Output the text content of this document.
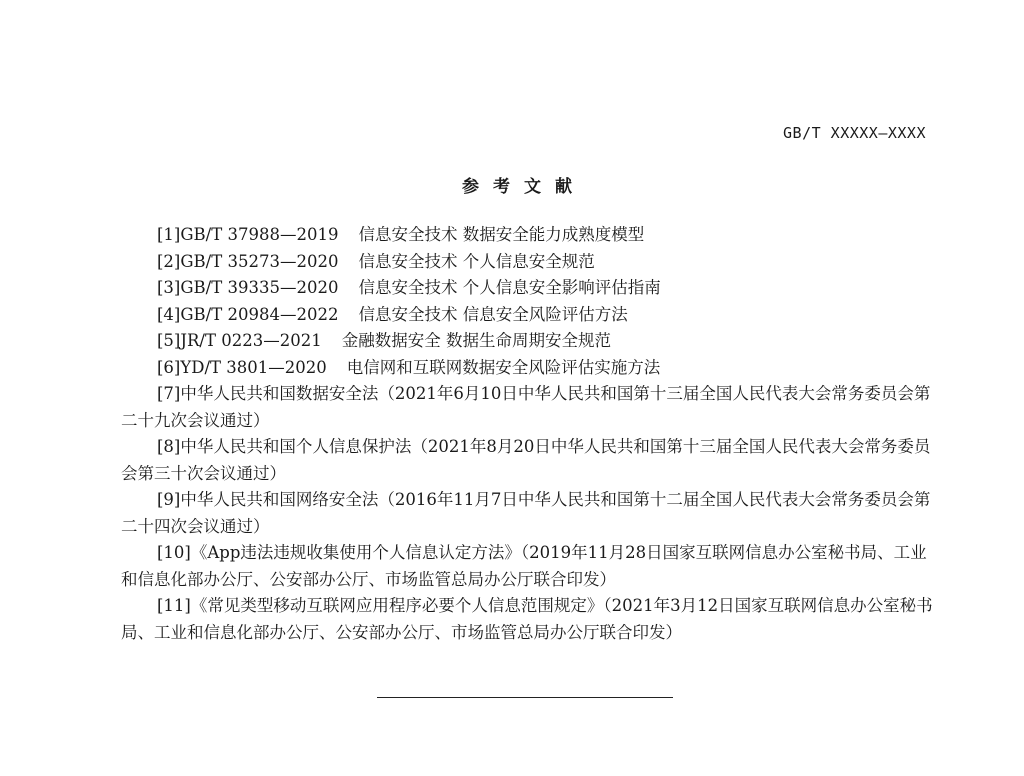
GB/T XXXXX—XXXX
参考文献

[1]GB/T 37988—2019 信息安全技术 数据安全能力成熟度模型

[2]GB/T 35273—2020 信息安全技术 个人信息安全规范

[3]GB/T 39335—2020 信息安全技术 个人信息安全影响评估指南

[4]GB/T 20984—2022 信息安全技术 信息安全风险评估方法

[5]JR/T 0223—2021 金融数据安全 数据生命周期安全规范

[6]YD/T 3801—2020 电信网和互联网数据安全风险评估实施方法

[7]中华人民共和国数据安全法（2021年6月10日中华人民共和国第十三届全国人民代表大会常务委员会第二十九次会议通过）

[8]中华人民共和国个人信息保护法（2021年8月20日中华人民共和国第十三届全国人民代表大会常务委员会第三十次会议通过）

[9]中华人民共和国网络安全法（2016年11月7日中华人民共和国第十二届全国人民代表大会常务委员会第二十四次会议通过）

[10]《App违法违规收集使用个人信息认定方法》（2019年11月28日国家互联网信息办公室秘书局、工业和信息化部办公厅、公安部办公厅、市场监管总局办公厅联合印发）

[11]《常见类型移动互联网应用程序必要个人信息范围规定》（2021年3月12日国家互联网信息办公室秘书局、工业和信息化部办公厅、公安部办公厅、市场监管总局办公厅联合印发）
